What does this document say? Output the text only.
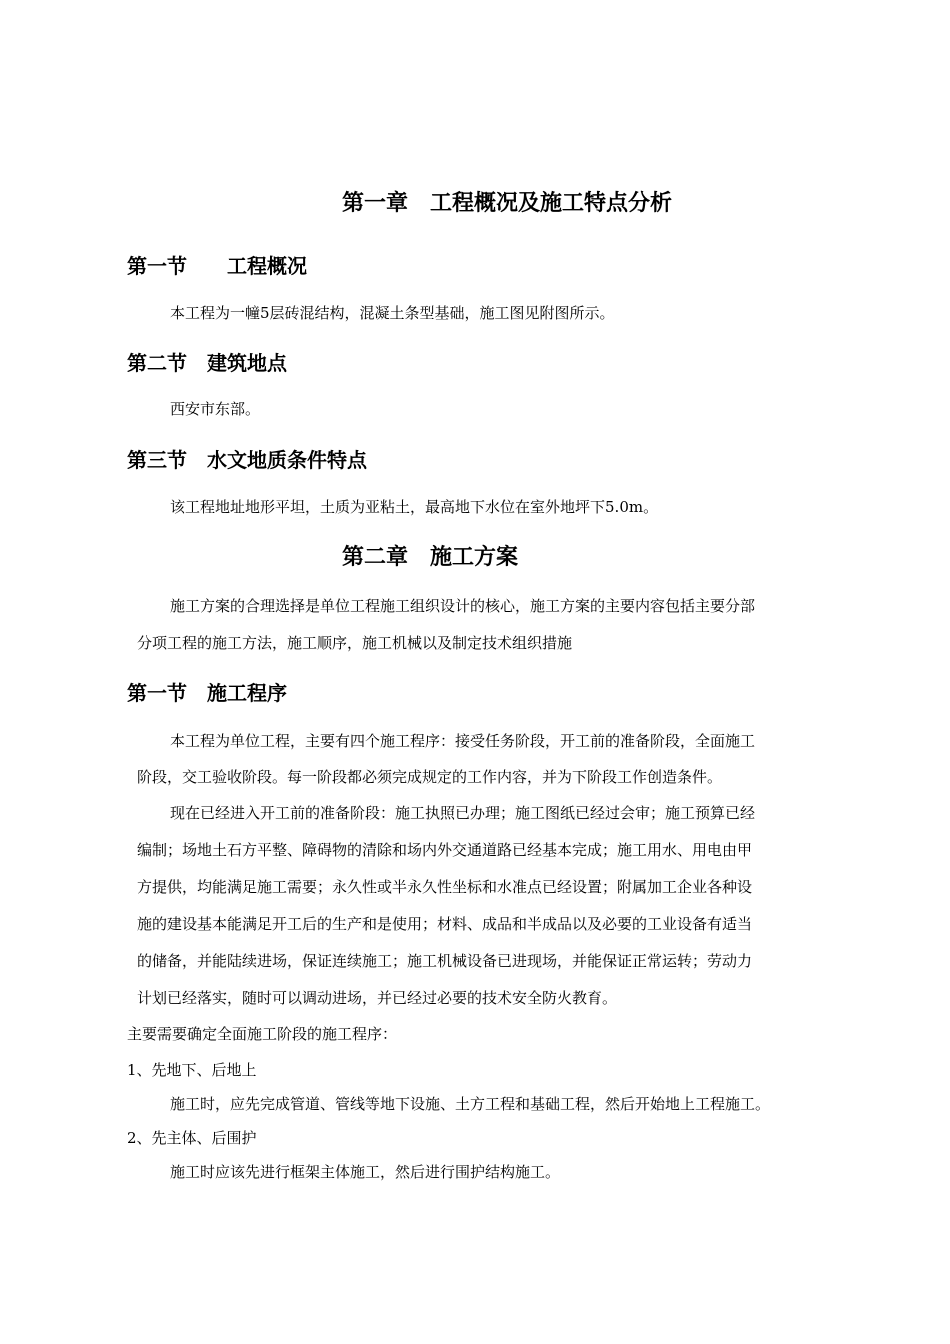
第一章　工程概况及施工特点分析
第一节　　工程概况
本工程为一幢5层砖混结构，混凝土条型基础，施工图见附图所示。
第二节　建筑地点
西安市东部。
第三节　水文地质条件特点
该工程地址地形平坦，土质为亚粘土，最高地下水位在室外地坪下5.0m。
第二章　施工方案
施工方案的合理选择是单位工程施工组织设计的核心，施工方案的主要内容包括主要分部
分项工程的施工方法，施工顺序，施工机械以及制定技术组织措施
第一节　施工程序
本工程为单位工程，主要有四个施工程序：接受任务阶段，开工前的准备阶段，全面施工
阶段，交工验收阶段。每一阶段都必须完成规定的工作内容，并为下阶段工作创造条件。
现在已经进入开工前的准备阶段：施工执照已办理；施工图纸已经过会审；施工预算已经
编制；场地土石方平整、障碍物的清除和场内外交通道路已经基本完成；施工用水、用电由甲
方提供，均能满足施工需要；永久性或半永久性坐标和水准点已经设置；附属加工企业各种设
施的建设基本能满足开工后的生产和是使用；材料、成品和半成品以及必要的工业设备有适当
的储备，并能陆续进场，保证连续施工；施工机械设备已进现场，并能保证正常运转；劳动力
计划已经落实，随时可以调动进场，并已经过必要的技术安全防火教育。
主要需要确定全面施工阶段的施工程序：
1、先地下、后地上
施工时，应先完成管道、管线等地下设施、土方工程和基础工程，然后开始地上工程施工。
2、先主体、后围护
施工时应该先进行框架主体施工，然后进行围护结构施工。
